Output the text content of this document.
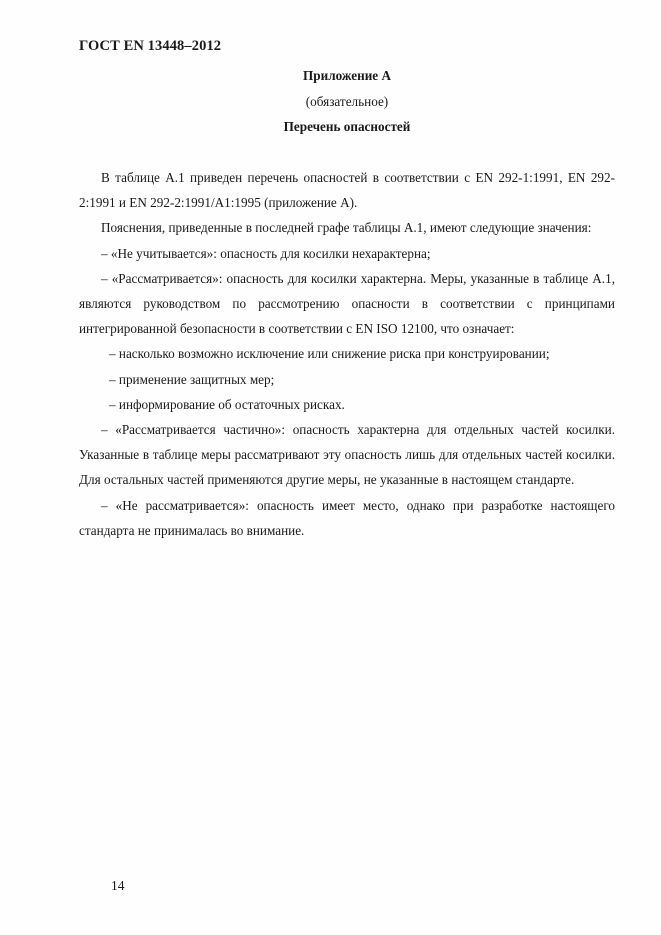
ГОСТ EN 13448–2012
Приложение А
(обязательное)
Перечень опасностей

В таблице А.1 приведен перечень опасностей в соответствии с EN 292-1:1991, EN 292-2:1991 и EN 292-2:1991/А1:1995 (приложение А).

Пояснения, приведенные в последней графе таблицы А.1, имеют следующие значения:

– «Не учитывается»: опасность для косилки нехарактерна;

– «Рассматривается»: опасность для косилки характерна. Меры, указанные в таблице А.1, являются руководством по рассмотрению опасности в соответствии с принципами интегрированной безопасности в соответствии с EN ISO 12100, что означает:

– насколько возможно исключение или снижение риска при конструировании;

– применение защитных мер;

– информирование об остаточных рисках.

– «Рассматривается частично»: опасность характерна для отдельных частей косилки. Указанные в таблице меры рассматривают эту опасность лишь для отдельных частей косилки. Для остальных частей применяются другие меры, не указанные в настоящем стандарте.

– «Не рассматривается»: опасность имеет место, однако при разработке настоящего стандарта не принималась во внимание.

14
